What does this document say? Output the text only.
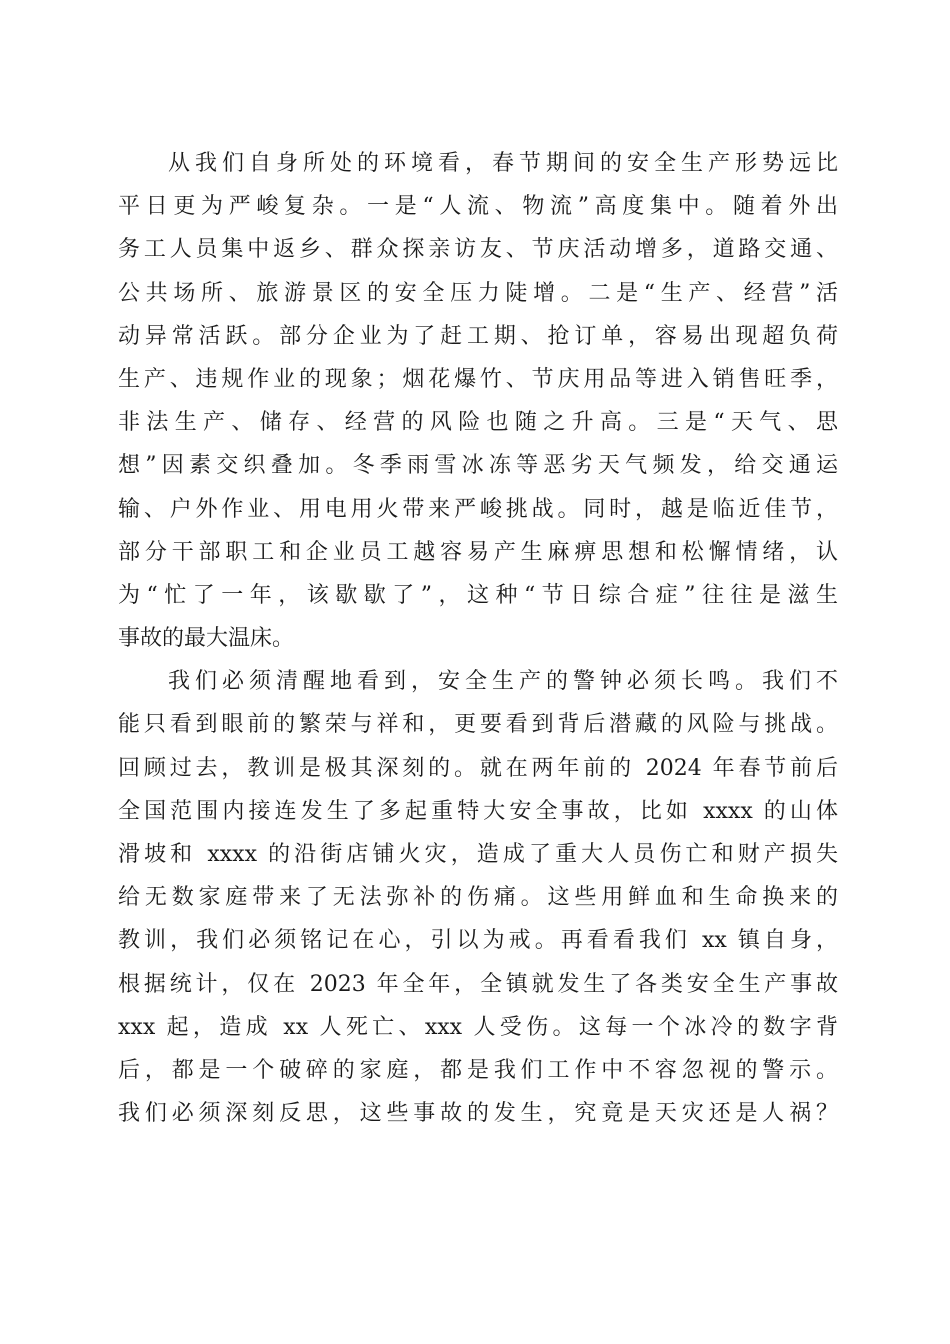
从我们自身所处的环境看，春节期间的安全生产形势远比
平日更为严峻复杂。一是“人流、物流”高度集中。随着外出
务工人员集中返乡、群众探亲访友、节庆活动增多，道路交通、
公共场所、旅游景区的安全压力陡增。二是“生产、经营”活
动异常活跃。部分企业为了赶工期、抢订单，容易出现超负荷
生产、违规作业的现象；烟花爆竹、节庆用品等进入销售旺季，
非法生产、储存、经营的风险也随之升高。三是“天气、思
想”因素交织叠加。冬季雨雪冰冻等恶劣天气频发，给交通运
输、户外作业、用电用火带来严峻挑战。同时，越是临近佳节，
部分干部职工和企业员工越容易产生麻痹思想和松懈情绪，认
为“忙了一年，该歇歇了”，这种“节日综合症”往往是滋生
事故的最大温床。
我们必须清醒地看到，安全生产的警钟必须长鸣。我们不
能只看到眼前的繁荣与祥和，更要看到背后潜藏的风险与挑战。
回顾过去，教训是极其深刻的。就在两年前的 2024 年春节前后
全国范围内接连发生了多起重特大安全事故，比如 xxxx 的山体
滑坡和 xxxx 的沿街店铺火灾，造成了重大人员伤亡和财产损失
给无数家庭带来了无法弥补的伤痛。这些用鲜血和生命换来的
教训，我们必须铭记在心，引以为戒。再看看我们 xx 镇自身，
根据统计，仅在 2023 年全年，全镇就发生了各类安全生产事故
xxx 起，造成 xx 人死亡、xxx 人受伤。这每一个冰冷的数字背
后，都是一个破碎的家庭，都是我们工作中不容忽视的警示。
我们必须深刻反思，这些事故的发生，究竟是天灾还是人祸？
